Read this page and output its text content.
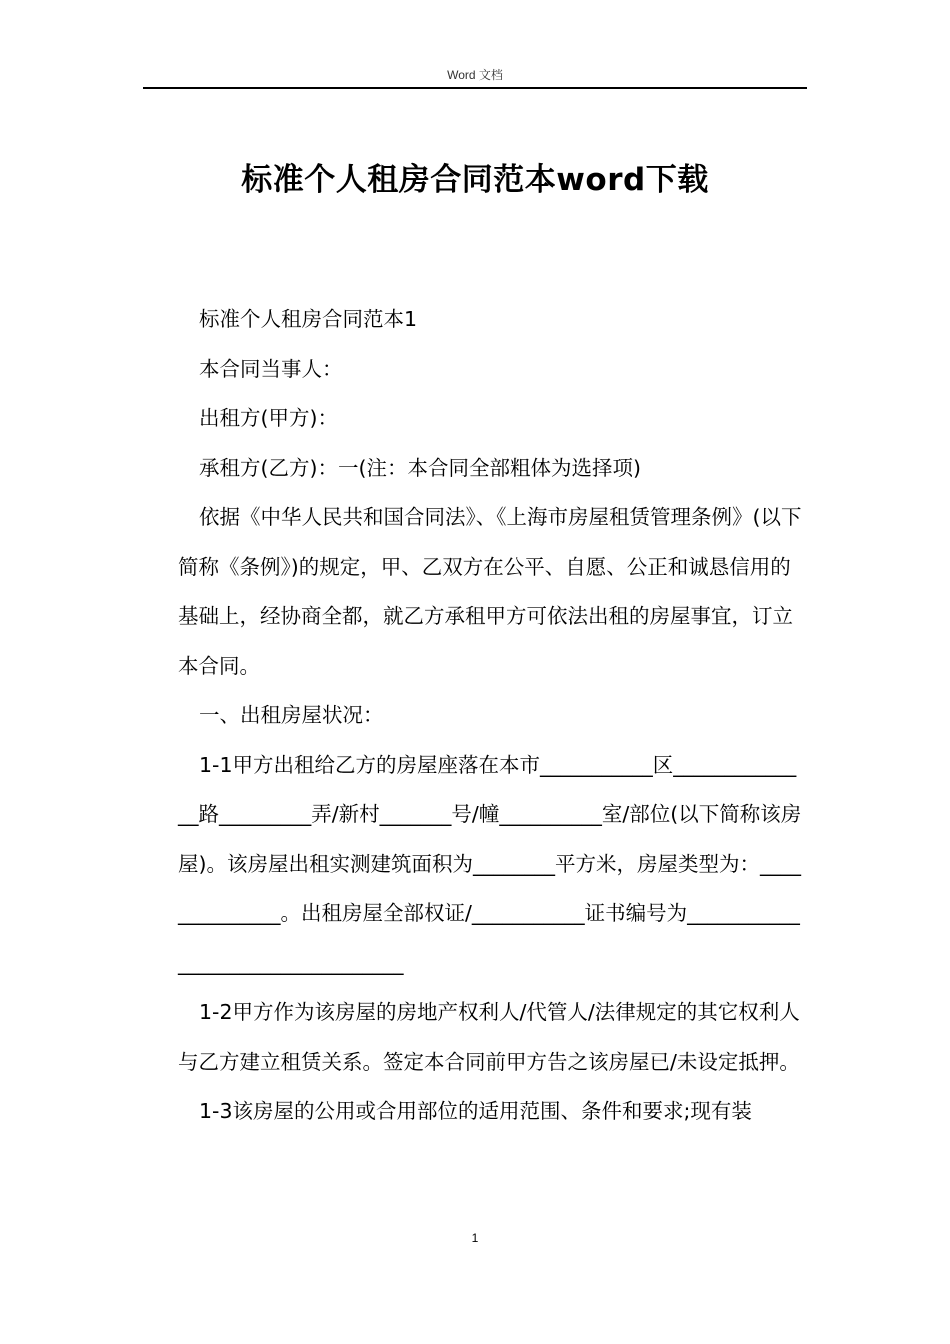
Word 文档
标准个人租房合同范本word下载

标准个人租房合同范本1

本合同当事人：

出租方(甲方)：

承租方(乙方)：一(注：本合同全部粗体为选择项)

依据《中华人民共和国合同法》、《上海市房屋租赁管理条例》(以下简称《条例》)的规定，甲、乙双方在公平、自愿、公正和诚恳信用的基础上，经协商全都，就乙方承租甲方可依法出租的房屋事宜，订立本合同。

一、出租房屋状况：

1-1甲方出租给乙方的房屋座落在本市___________区______________路_________弄/新村_______号/幢__________室/部位(以下简称该房屋)。该房屋出租实测建筑面积为________平方米，房屋类型为：______________。出租房屋全部权证/___________证书编号为_________________________________

1-2甲方作为该房屋的房地产权利人/代管人/法律规定的其它权利人与乙方建立租赁关系。签定本合同前甲方告之该房屋已/未设定抵押。

1-3该房屋的公用或合用部位的适用范围、条件和要求;现有装

1
